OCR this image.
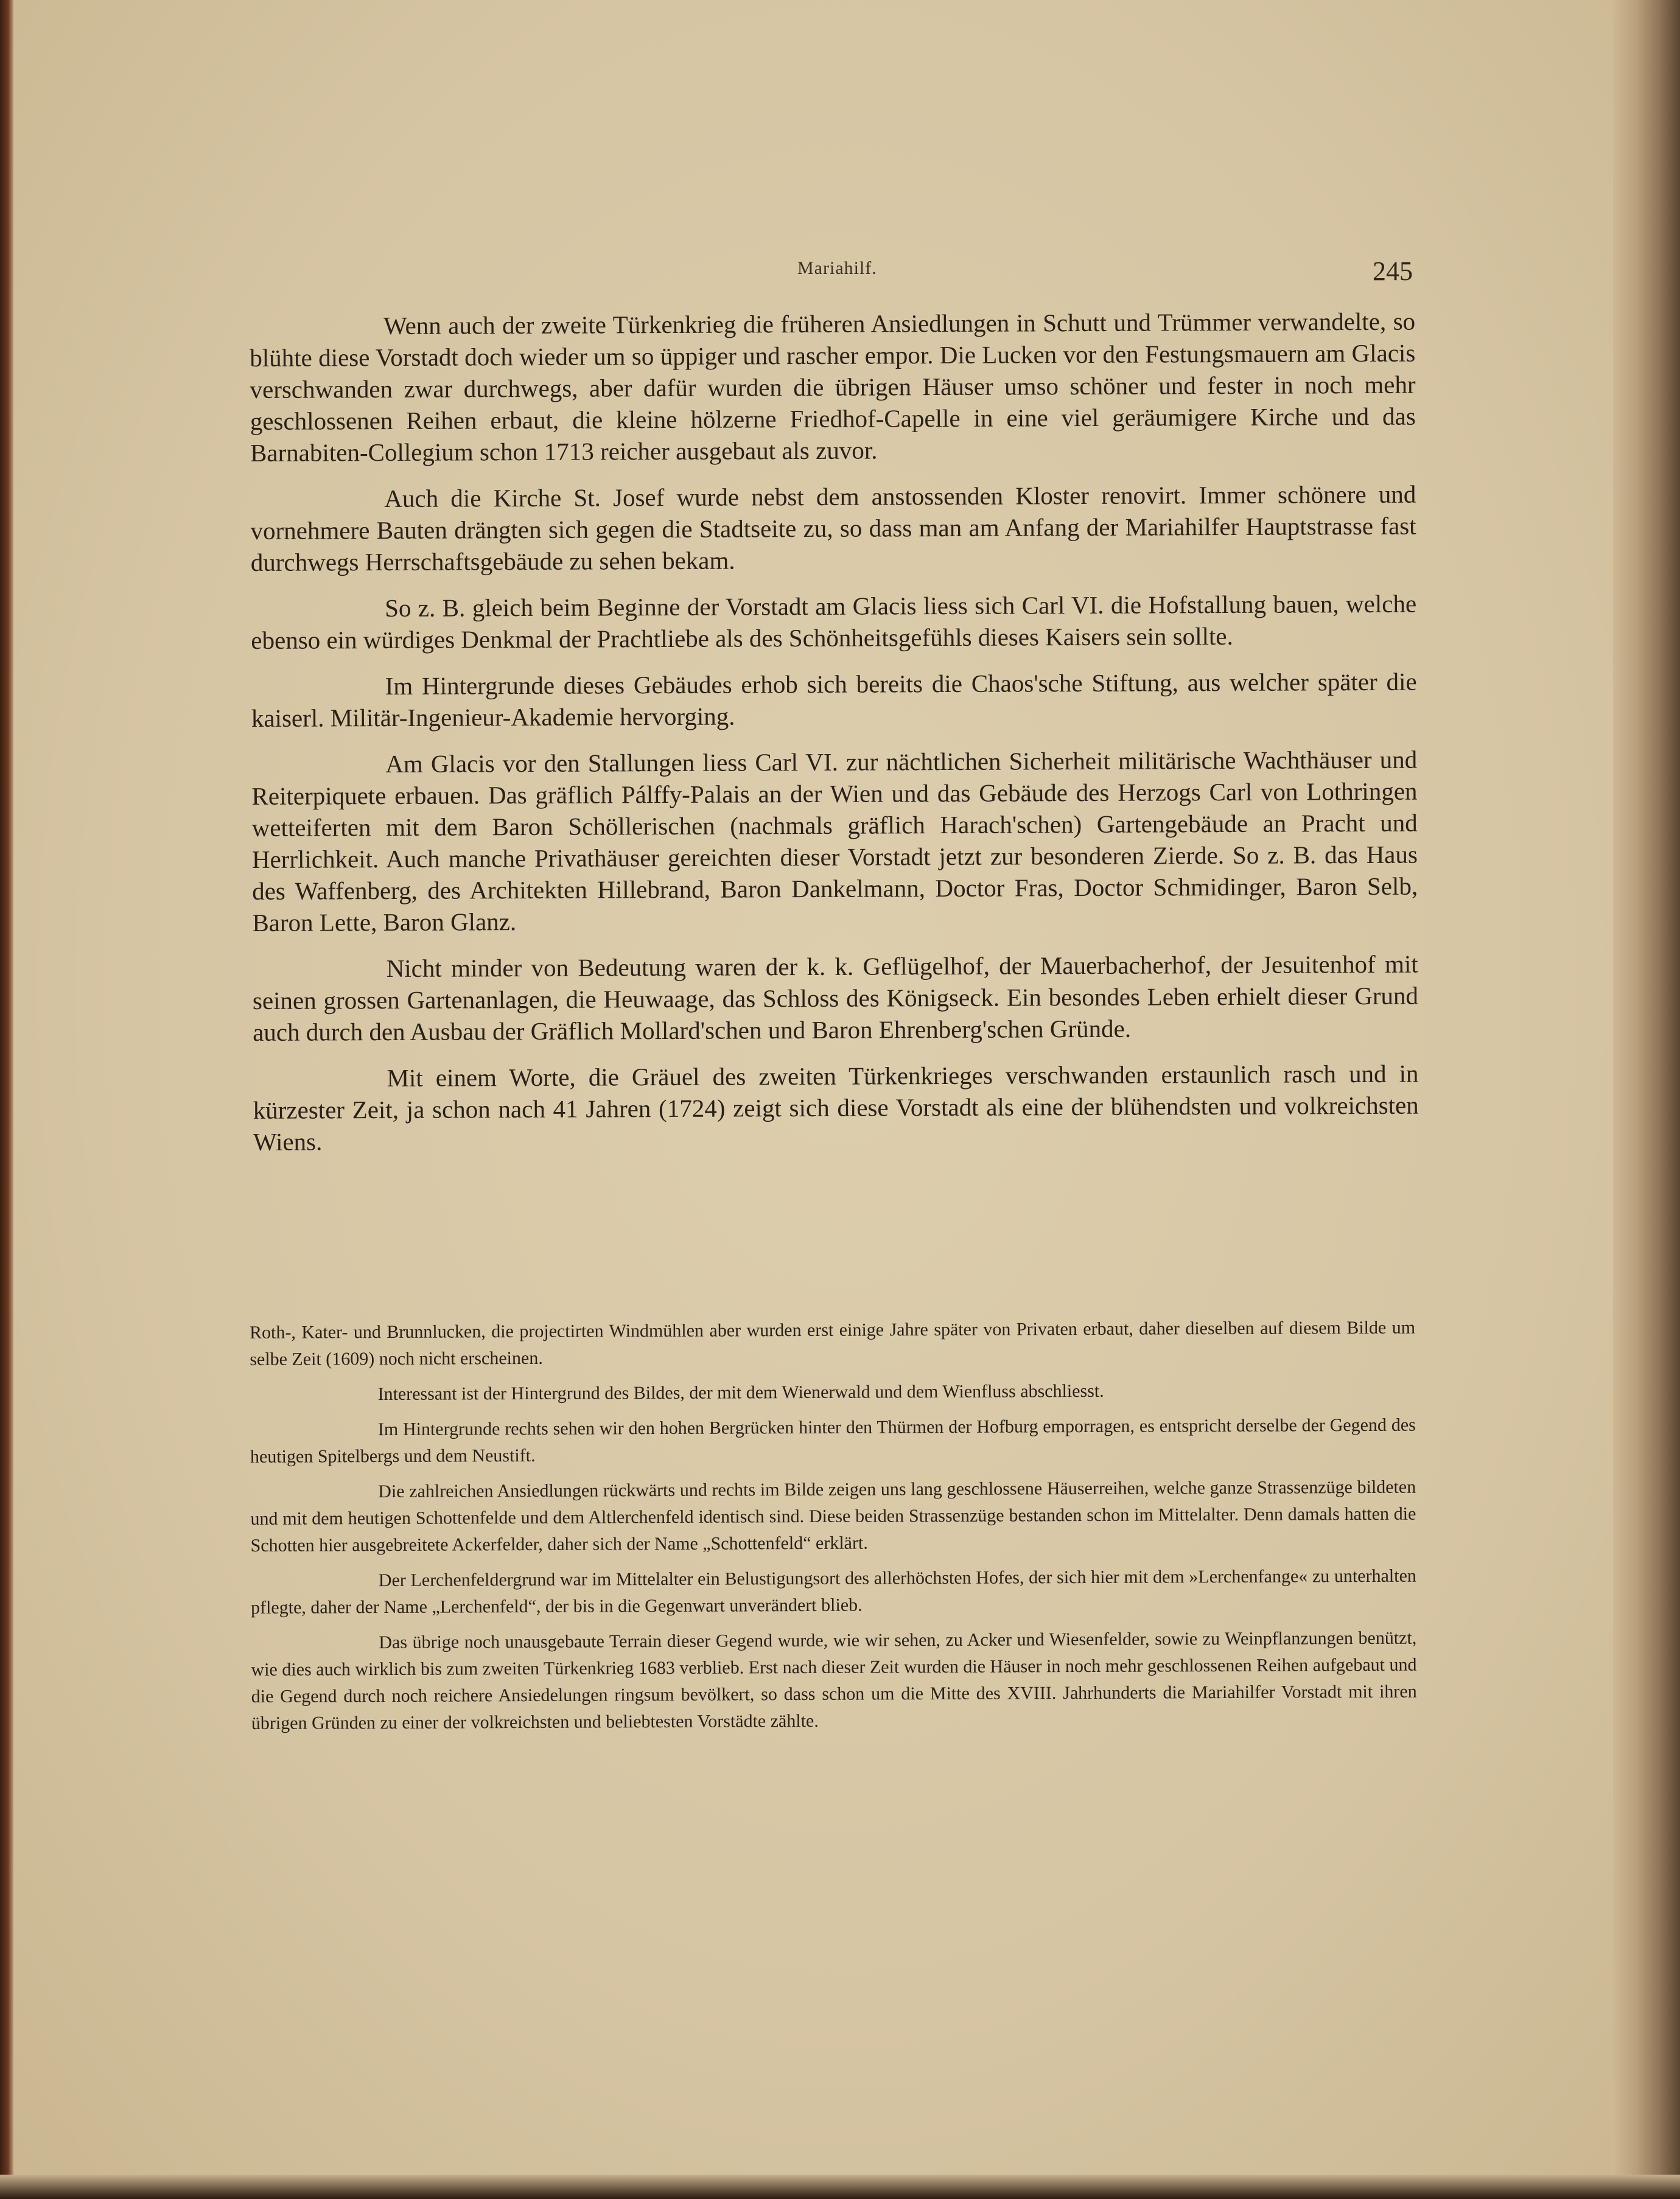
Mariahilf.	245

Wenn auch der zweite Türkenkrieg die früheren Ansiedlungen in Schutt und Trümmer verwandelte, so blühte diese Vorstadt doch wieder um so üppiger und rascher empor. Die Lucken vor den Festungsmauern am Glacis verschwanden zwar durchwegs, aber dafür wurden die übrigen Häuser umso schöner und fester in noch mehr geschlossenen Reihen erbaut, die kleine hölzerne Friedhof-Capelle in eine viel geräumigere Kirche und das Barnabiten-Collegium schon 1713 reicher ausgebaut als zuvor.

Auch die Kirche St. Josef wurde nebst dem anstossenden Kloster renovirt. Immer schönere und vornehmere Bauten drängten sich gegen die Stadtseite zu, so dass man am Anfang der Mariahilfer Hauptstrasse fast durchwegs Herrschaftsgebäude zu sehen bekam.

So z. B. gleich beim Beginne der Vorstadt am Glacis liess sich Carl VI. die Hofstallung bauen, welche ebenso ein würdiges Denkmal der Prachtliebe als des Schönheitsgefühls dieses Kaisers sein sollte.

Im Hintergrunde dieses Gebäudes erhob sich bereits die Chaos'sche Stiftung, aus welcher später die kaiserl. Militär-Ingenieur-Akademie hervorging.

Am Glacis vor den Stallungen liess Carl VI. zur nächtlichen Sicherheit militärische Wachthäuser und Reiterpiquete erbauen. Das gräflich Pálffy-Palais an der Wien und das Gebäude des Herzogs Carl von Lothringen wetteiferten mit dem Baron Schöllerischen (nachmals gräflich Harach'schen) Gartengebäude an Pracht und Herrlichkeit. Auch manche Privathäuser gereichten dieser Vorstadt jetzt zur besonderen Zierde. So z. B. das Haus des Waffenberg, des Architekten Hillebrand, Baron Dankelmann, Doctor Fras, Doctor Schmidinger, Baron Selb, Baron Lette, Baron Glanz.

Nicht minder von Bedeutung waren der k. k. Geflügelhof, der Mauerbacherhof, der Jesuitenhof mit seinen grossen Gartenanlagen, die Heuwaage, das Schloss des Königseck. Ein besondes Leben erhielt dieser Grund auch durch den Ausbau der Gräflich Mollard'schen und Baron Ehrenberg'schen Gründe.

Mit einem Worte, die Gräuel des zweiten Türkenkrieges verschwanden erstaunlich rasch und in kürzester Zeit, ja schon nach 41 Jahren (1724) zeigt sich diese Vorstadt als eine der blühendsten und volkreichsten Wiens.

Roth-, Kater- und Brunnlucken, die projectirten Windmühlen aber wurden erst einige Jahre später von Privaten erbaut, daher dieselben auf diesem Bilde um selbe Zeit (1609) noch nicht erscheinen.

Interessant ist der Hintergrund des Bildes, der mit dem Wienerwald und dem Wienfluss abschliesst.

Im Hintergrunde rechts sehen wir den hohen Bergrücken hinter den Thürmen der Hofburg emporragen, es entspricht derselbe der Gegend des heutigen Spitelbergs und dem Neustift.

Die zahlreichen Ansiedlungen rückwärts und rechts im Bilde zeigen uns lang geschlossene Häuserreihen, welche ganze Strassenzüge bildeten und mit dem heutigen Schottenfelde und dem Altlerchenfeld identisch sind. Diese beiden Strassenzüge bestanden schon im Mittelalter. Denn damals hatten die Schotten hier ausgebreitete Ackerfelder, daher sich der Name „Schottenfeld“ erklärt.

Der Lerchenfeldergrund war im Mittelalter ein Belustigungsort des allerhöchsten Hofes, der sich hier mit dem »Lerchenfange« zu unterhalten pflegte, daher der Name „Lerchenfeld“, der bis in die Gegenwart unverändert blieb.

Das übrige noch unausgebaute Terrain dieser Gegend wurde, wie wir sehen, zu Acker und Wiesenfelder, sowie zu Weinpflanzungen benützt, wie dies auch wirklich bis zum zweiten Türkenkrieg 1683 verblieb. Erst nach dieser Zeit wurden die Häuser in noch mehr geschlossenen Reihen aufgebaut und die Gegend durch noch reichere Ansiedelungen ringsum bevölkert, so dass schon um die Mitte des XVIII. Jahrhunderts die Mariahilfer Vorstadt mit ihren übrigen Gründen zu einer der volkreichsten und beliebtesten Vorstädte zählte.
